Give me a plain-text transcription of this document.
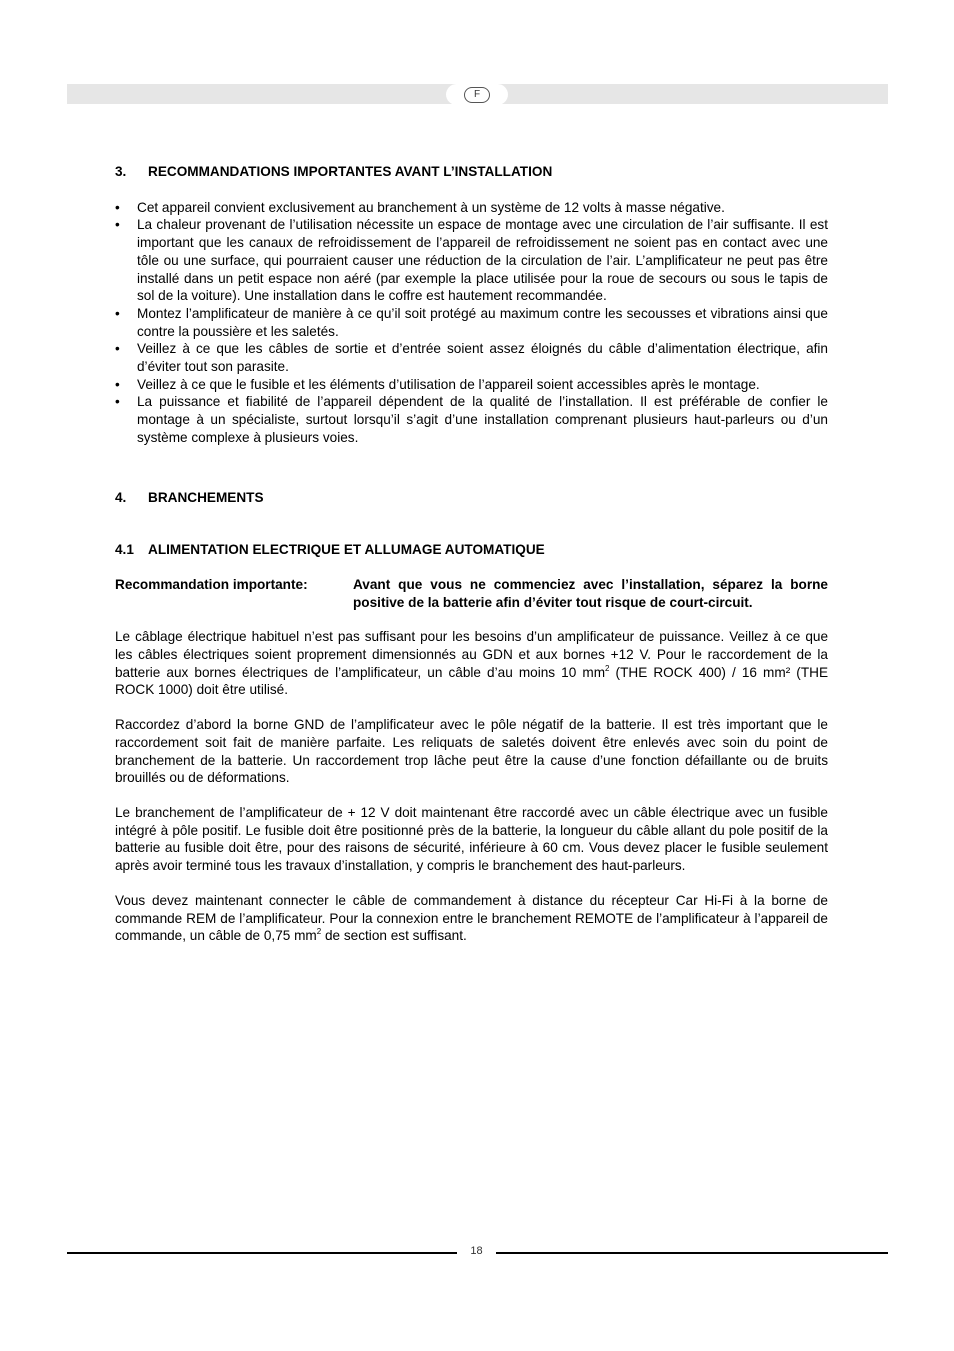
F
3.	RECOMMANDATIONS IMPORTANTES AVANT L’INSTALLATION
• Cet appareil convient exclusivement au branchement à un système de 12 volts à masse négative.
• La chaleur provenant de l’utilisation nécessite un espace de montage avec une circulation de l’air suffisante. Il est important que les canaux de refroidissement de l’appareil de refroidissement ne soient pas en contact avec une tôle ou une surface, qui pourraient causer une réduction de la circulation de l’air. L’amplificateur ne peut pas être installé dans un petit espace non aéré (par exemple la place utilisée pour la roue de secours ou sous le tapis de sol de la voiture). Une installation dans le coffre est hautement recommandée.
• Montez l’amplificateur de manière à ce qu’il soit protégé au maximum contre les secousses et vibrations ainsi que contre la poussière et les saletés.
• Veillez à ce que les câbles de sortie et d’entrée soient assez éloignés du câble d’alimentation électrique, afin d’éviter tout son parasite.
• Veillez à ce que le fusible et les éléments d’utilisation de l’appareil soient accessibles après le montage.
• La puissance et fiabilité de l’appareil dépendent de la qualité de l’installation. Il est préférable de confier le montage à un spécialiste, surtout lorsqu’il s’agit d’une installation comprenant plusieurs haut-parleurs ou d’un système complexe à plusieurs voies.
4.	BRANCHEMENTS
4.1	ALIMENTATION ELECTRIQUE ET ALLUMAGE AUTOMATIQUE
Recommandation importante:	Avant que vous ne commenciez avec l’installation, séparez la borne positive de la batterie afin d’éviter tout risque de court-circuit.

Le câblage électrique habituel n’est pas suffisant pour les besoins d’un amplificateur de puissance. Veillez à ce que les câbles électriques soient proprement dimensionnés au GDN et aux bornes +12 V. Pour le raccordement de la batterie aux bornes électriques de l’amplificateur, un câble d’au moins 10 $mm^2$ (THE ROCK 400) / 16 mm² (THE ROCK 1000) doit être utilisé.

Raccordez d’abord la borne GND de l’amplificateur avec le pôle négatif de la batterie. Il est très important que le raccordement soit fait de manière parfaite. Les reliquats de saletés doivent être enlevés avec soin du point de branchement de la batterie. Un raccordement trop lâche peut être la cause d’une fonction défaillante ou de bruits brouillés ou de déformations.

Le branchement de l’amplificateur de + 12 V doit maintenant être raccordé avec un câble électrique avec un fusible intégré à pôle positif. Le fusible doit être positionné près de la batterie, la longueur du câble allant du pole positif de la batterie au fusible doit être, pour des raisons de sécurité, inférieure à 60 cm. Vous devez placer le fusible seulement après avoir terminé tous les travaux d’installation, y compris le branchement des haut-parleurs.

Vous devez maintenant connecter le câble de commandement à distance du récepteur Car Hi-Fi à la borne de commande REM de l’amplificateur. Pour la connexion entre le branchement REMOTE de l’amplificateur à l’appareil de commande, un câble de 0,75 $mm^2$ de section est suffisant.

18
